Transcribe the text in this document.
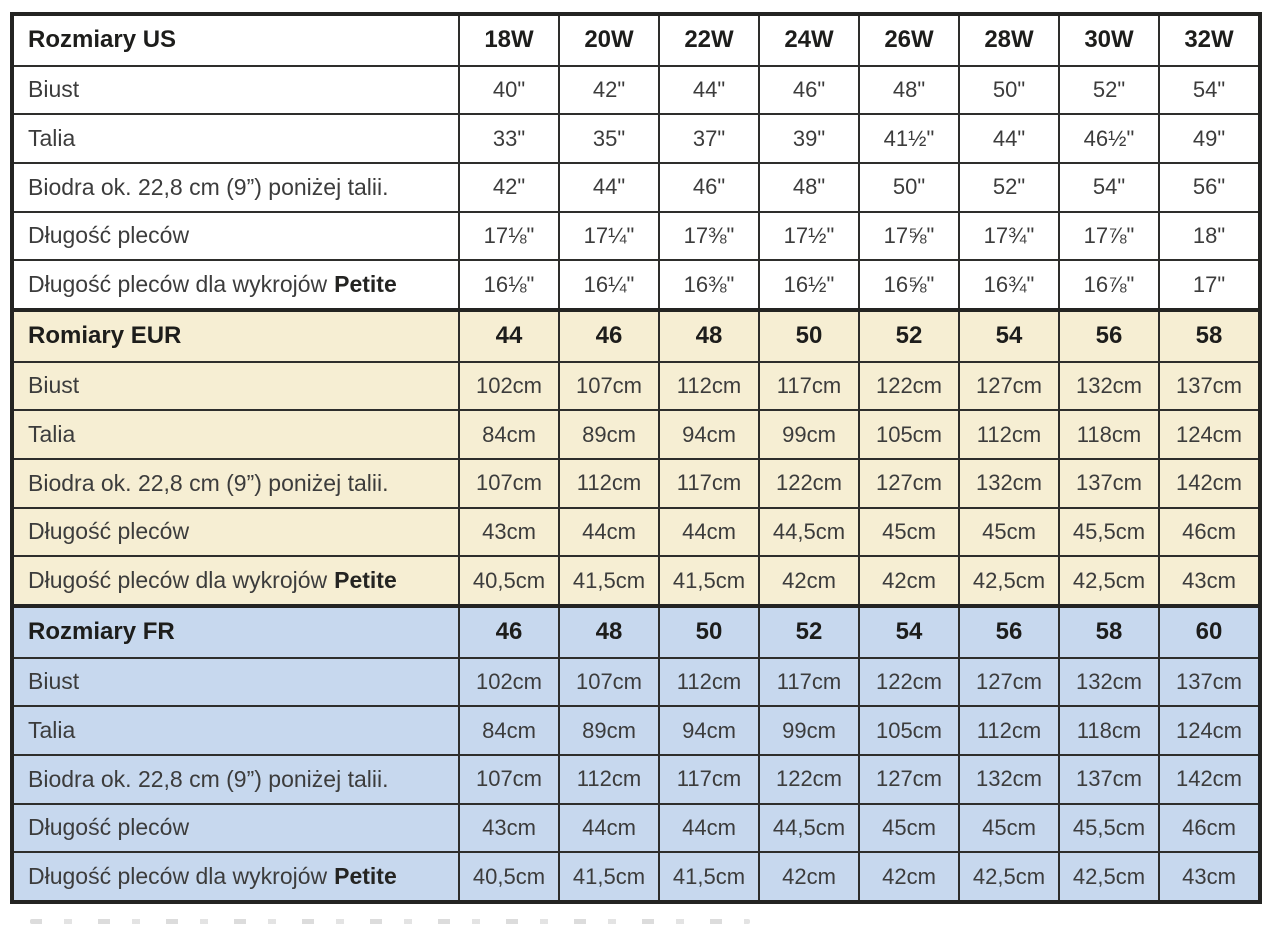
Rozmiary US	18W	20W	22W	24W	26W	28W	30W	32W
Biust	40"	42"	44"	46"	48"	50"	52"	54"
Talia	33"	35"	37"	39"	41½"	44"	46½"	49"
Biodra ok. 22,8 cm (9”) poniżej talii.	42"	44"	46"	48"	50"	52"	54"	56"
Długość pleców	17⅛"	17¼"	17⅜"	17½"	17⅝"	17¾"	17⅞"	18"
Długość pleców dla wykrojów Petite	16⅛"	16¼"	16⅜"	16½"	16⅝"	16¾"	16⅞"	17"
Romiary EUR	44	46	48	50	52	54	56	58
Biust	102cm	107cm	112cm	117cm	122cm	127cm	132cm	137cm
Talia	84cm	89cm	94cm	99cm	105cm	112cm	118cm	124cm
Biodra ok. 22,8 cm (9”) poniżej talii.	107cm	112cm	117cm	122cm	127cm	132cm	137cm	142cm
Długość pleców	43cm	44cm	44cm	44,5cm	45cm	45cm	45,5cm	46cm
Długość pleców dla wykrojów Petite	40,5cm	41,5cm	41,5cm	42cm	42cm	42,5cm	42,5cm	43cm
Rozmiary FR	46	48	50	52	54	56	58	60
Biust	102cm	107cm	112cm	117cm	122cm	127cm	132cm	137cm
Talia	84cm	89cm	94cm	99cm	105cm	112cm	118cm	124cm
Biodra ok. 22,8 cm (9”) poniżej talii.	107cm	112cm	117cm	122cm	127cm	132cm	137cm	142cm
Długość pleców	43cm	44cm	44cm	44,5cm	45cm	45cm	45,5cm	46cm
Długość pleców dla wykrojów Petite	40,5cm	41,5cm	41,5cm	42cm	42cm	42,5cm	42,5cm	43cm
